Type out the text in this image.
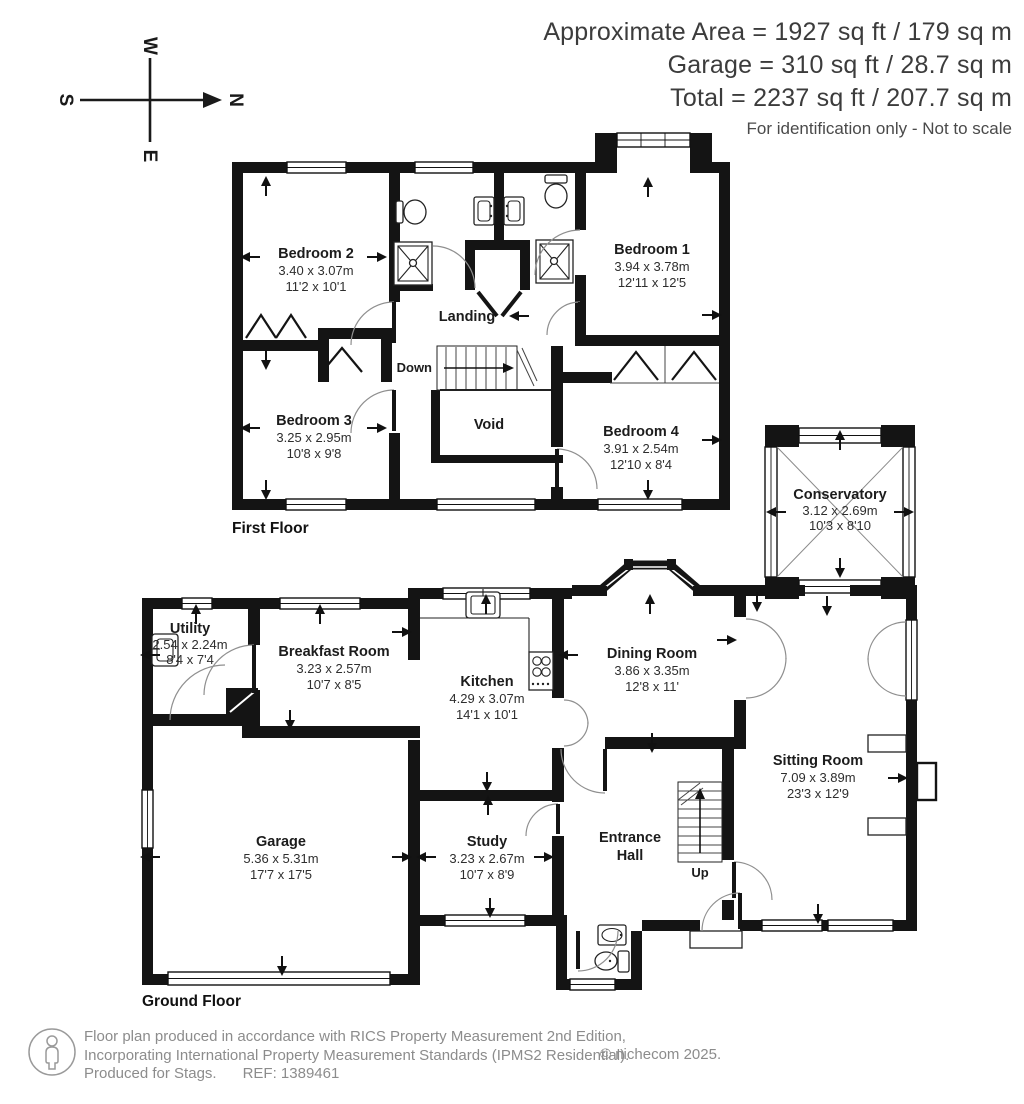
Approximate Area = 1927 sq ft / 179 sq m
Garage = 310 sq ft / 28.7 sq m
Total = 2237 sq ft / 207.7 sq m
For identification only - Not to scale
W
S	N
E
Bedroom 2
3.40 x 3.07m
11'2 x 10'1
Bedroom 1
3.94 x 3.78m
12'11 x 12'5
Bedroom 3
3.25 x 2.95m
10'8 x 9'8
Bedroom 4
3.91 x 2.54m
12'10 x 8'4
Landing
Down
Void
First Floor
Conservatory
3.12 x 2.69m
10'3 x 8'10
Utility
2.54 x 2.24m
8'4 x 7'4	Breakfast Room
3.23 x 2.57m
10'7 x 8'5	Kitchen
4.29 x 3.07m
14'1 x 10'1
Dining Room
3.86 x 3.35m
12'8 x 11'
Sitting Room
7.09 x 3.89m
23'3 x 12'9
Garage
5.36 x 5.31m
17'7 x 17'5
Study
3.23 x 2.67m
10'7 x 8'9
Entrance
Hall
Up
Ground Floor
Floor plan produced in accordance with RICS Property Measurement 2nd Edition,
Incorporating International Property Measurement Standards (IPMS2 Residential).
Produced for Stags. REF: 1389461
© nichecom 2025.
